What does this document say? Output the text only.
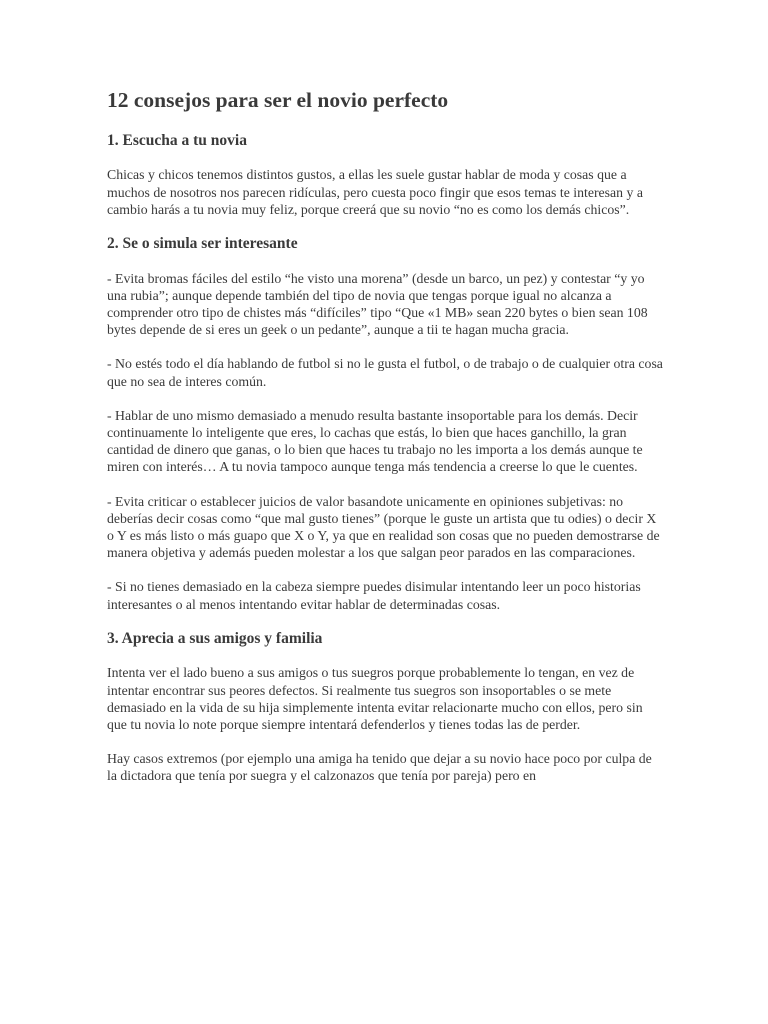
12 consejos para ser el novio perfecto
1. Escucha a tu novia

Chicas y chicos tenemos distintos gustos, a ellas les suele gustar hablar de moda y cosas que a muchos de nosotros nos parecen ridículas, pero cuesta poco fingir que esos temas te interesan y a cambio harás a tu novia muy feliz, porque creerá que su novio “no es como los demás chicos”.

2. Se o simula ser interesante

- Evita bromas fáciles del estilo “he visto una morena” (desde un barco, un pez) y contestar “y yo una rubia”; aunque depende también del tipo de novia que tengas porque igual no alcanza a comprender otro tipo de chistes más “difíciles” tipo “Que «1 MB» sean 220 bytes o bien sean 108 bytes depende de si eres un geek o un pedante”, aunque a tii te hagan mucha gracia.

- No estés todo el día hablando de futbol si no le gusta el futbol, o de trabajo o de cualquier otra cosa que no sea de interes común.

- Hablar de uno mismo demasiado a menudo resulta bastante insoportable para los demás. Decir continuamente lo inteligente que eres, lo cachas que estás, lo bien que haces ganchillo, la gran cantidad de dinero que ganas, o lo bien que haces tu trabajo no les importa a los demás aunque te miren con interés… A tu novia tampoco aunque tenga más tendencia a creerse lo que le cuentes.

- Evita criticar o establecer juicios de valor basandote unicamente en opiniones subjetivas: no deberías decir cosas como “que mal gusto tienes” (porque le guste un artista que tu odies) o decir X o Y es más listo o más guapo que X o Y, ya que en realidad son cosas que no pueden demostrarse de manera objetiva y además pueden molestar a los que salgan peor parados en las comparaciones.

- Si no tienes demasiado en la cabeza siempre puedes disimular intentando leer un poco historias interesantes o al menos intentando evitar hablar de determinadas cosas.

3. Aprecia a sus amigos y familia

Intenta ver el lado bueno a sus amigos o tus suegros porque probablemente lo tengan, en vez de intentar encontrar sus peores defectos. Si realmente tus suegros son insoportables o se mete demasiado en la vida de su hija simplemente intenta evitar relacionarte mucho con ellos, pero sin que tu novia lo note porque siempre intentará defenderlos y tienes todas las de perder.

Hay casos extremos (por ejemplo una amiga ha tenido que dejar a su novio hace poco por culpa de la dictadora que tenía por suegra y el calzonazos que tenía por pareja) pero en
